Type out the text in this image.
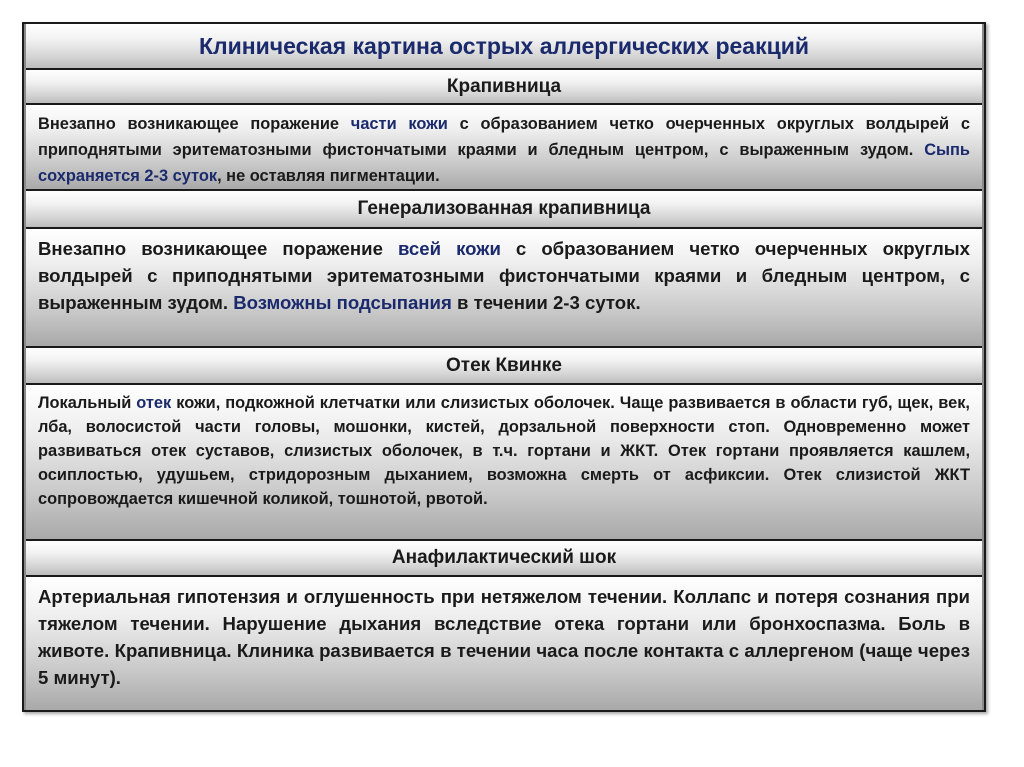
Клиническая картина острых аллергических реакций
Крапивница
Внезапно возникающее поражение части кожи с образованием четко очерченных округлых волдырей с приподнятыми эритематозными фистончатыми краями и бледным центром, с выраженным зудом. Сыпь сохраняется 2-3 суток, не оставляя пигментации.
Генерализованная крапивница
Внезапно возникающее поражение всей кожи с образованием четко очерченных округлых волдырей с приподнятыми эритематозными фистончатыми краями и бледным центром, с выраженным зудом. Возможны подсыпания в течении 2-3 суток.
Отек Квинке
Локальный отек кожи, подкожной клетчатки или слизистых оболочек. Чаще развивается в области губ, щек, век, лба, волосистой части головы, мошонки, кистей, дорзальной поверхности стоп. Одновременно может развиваться отек суставов, слизистых оболочек, в т.ч. гортани и ЖКТ. Отек гортани проявляется кашлем, осиплостью, удушьем, стридорозным дыханием, возможна смерть от асфиксии. Отек слизистой ЖКТ сопровождается кишечной коликой, тошнотой, рвотой.
Анафилактический шок
Артериальная гипотензия и оглушенность при нетяжелом течении. Коллапс и потеря сознания при тяжелом течении. Нарушение дыхания вследствие отека гортани или бронхоспазма. Боль в животе. Крапивница. Клиника развивается в течении часа после контакта с аллергеном (чаще через 5 минут).
